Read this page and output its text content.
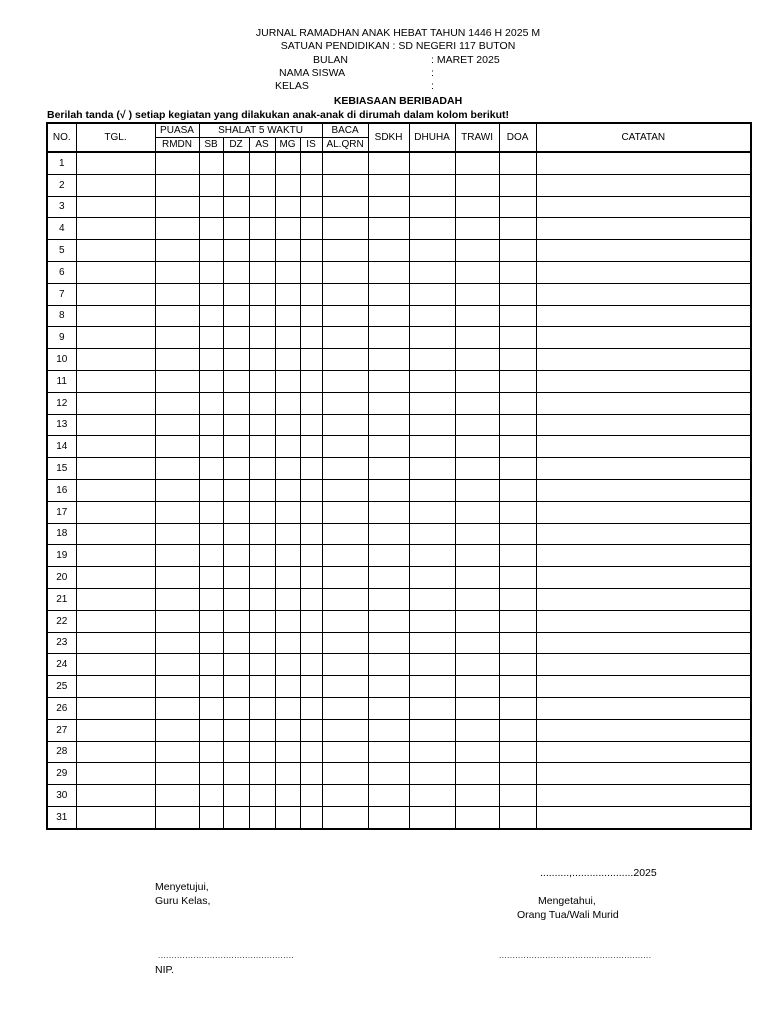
JURNAL RAMADHAN ANAK HEBAT TAHUN 1446 H 2025 M
SATUAN PENDIDIKAN : SD NEGERI 117 BUTON
BULAN	: MARET 2025
NAMA SISWA	:
KELAS	:
KEBIASAAN BERIBADAH
Berilah tanda (√ ) setiap kegiatan yang dilakukan anak-anak di dirumah dalam kolom berikut!
NO.	TGL.	PUASA	SHALAT 5 WAKTU					BACA	SDKH	DHUHA	TRAWI	DOA	CATATAN
		RMDN	SB	DZ	AS	MG	IS	AL.QRN					
1													
2													
3													
4													
5													
6													
7													
8													
9													
10													
11													
12													
13													
14													
15													
16													
17													
18													
19													
20													
21													
22													
23													
24													
25													
26													
27													
28													
29													
30													
31													
..........,.....................2025
Menyetujui,
Guru Kelas,	Mengetahui,
Orang Tua/Wali Murid
..................................................	........................................................
NIP.
